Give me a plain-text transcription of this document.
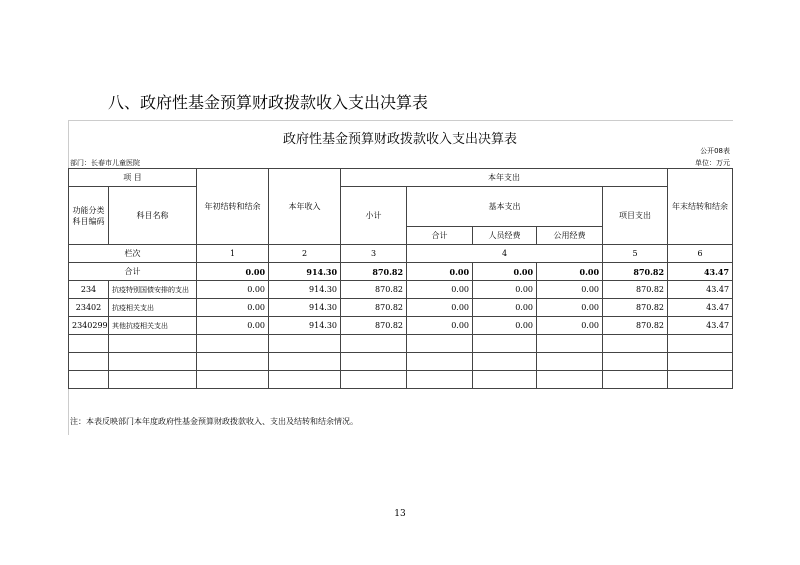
八、政府性基金预算财政拨款收入支出决算表
政府性基金预算财政拨款收入支出决算表
公开08表
部门：长春市儿童医院	单位：万元
项 目		年初结转和结余	本年收入	本年支出					年末结转和结余
功能分类科目编码	科目名称			小计	基本支出			项目支出	
					合计	人员经费	公用经费		
栏次		1	2	3	4			5	6
合计		0.00	914.30	870.82	0.00	0.00	0.00	870.82	43.47
234	抗疫特别国债安排的支出	0.00	914.30	870.82	0.00	0.00	0.00	870.82	43.47
23402	抗疫相关支出	0.00	914.30	870.82	0.00	0.00	0.00	870.82	43.47
2340299	其他抗疫相关支出	0.00	914.30	870.82	0.00	0.00	0.00	870.82	43.47

注：本表反映部门本年度政府性基金预算财政拨款收入、支出及结转和结余情况。
13
